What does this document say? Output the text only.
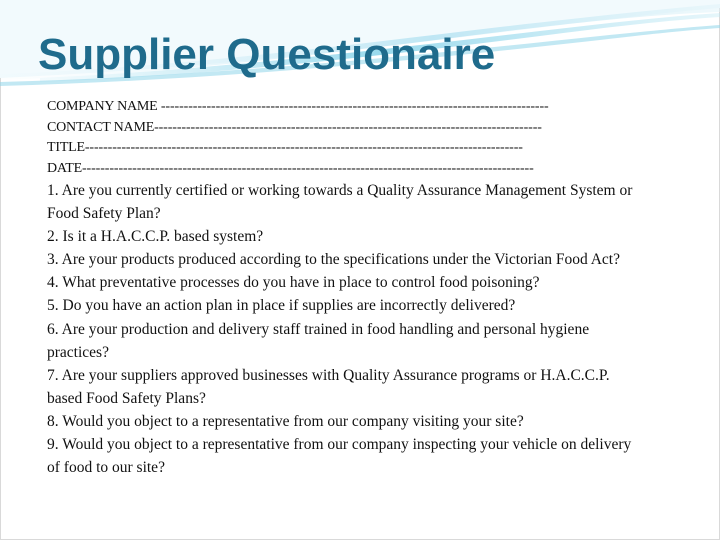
Supplier Questionaire
COMPANY NAME -------------------------------------------------------------------------------------
CONTACT NAME-------------------------------------------------------------------------------------
TITLE------------------------------------------------------------------------------------------------
DATE---------------------------------------------------------------------------------------------------

1. Are you currently certified or working towards a Quality Assurance Management System or Food Safety Plan?

2. Is it a H.A.C.C.P. based system?

3. Are your products produced according to the specifications under the Victorian Food Act?

4. What preventative processes do you have in place to control food poisoning?

5. Do you have an action plan in place if supplies are incorrectly delivered?

6. Are your production and delivery staff trained in food handling and personal hygiene practices?

7. Are your suppliers approved businesses with Quality Assurance programs or H.A.C.C.P. based Food Safety Plans?

8. Would you object to a representative from our company visiting your site?

9. Would you object to a representative from our company inspecting your vehicle on delivery of food to our site?
